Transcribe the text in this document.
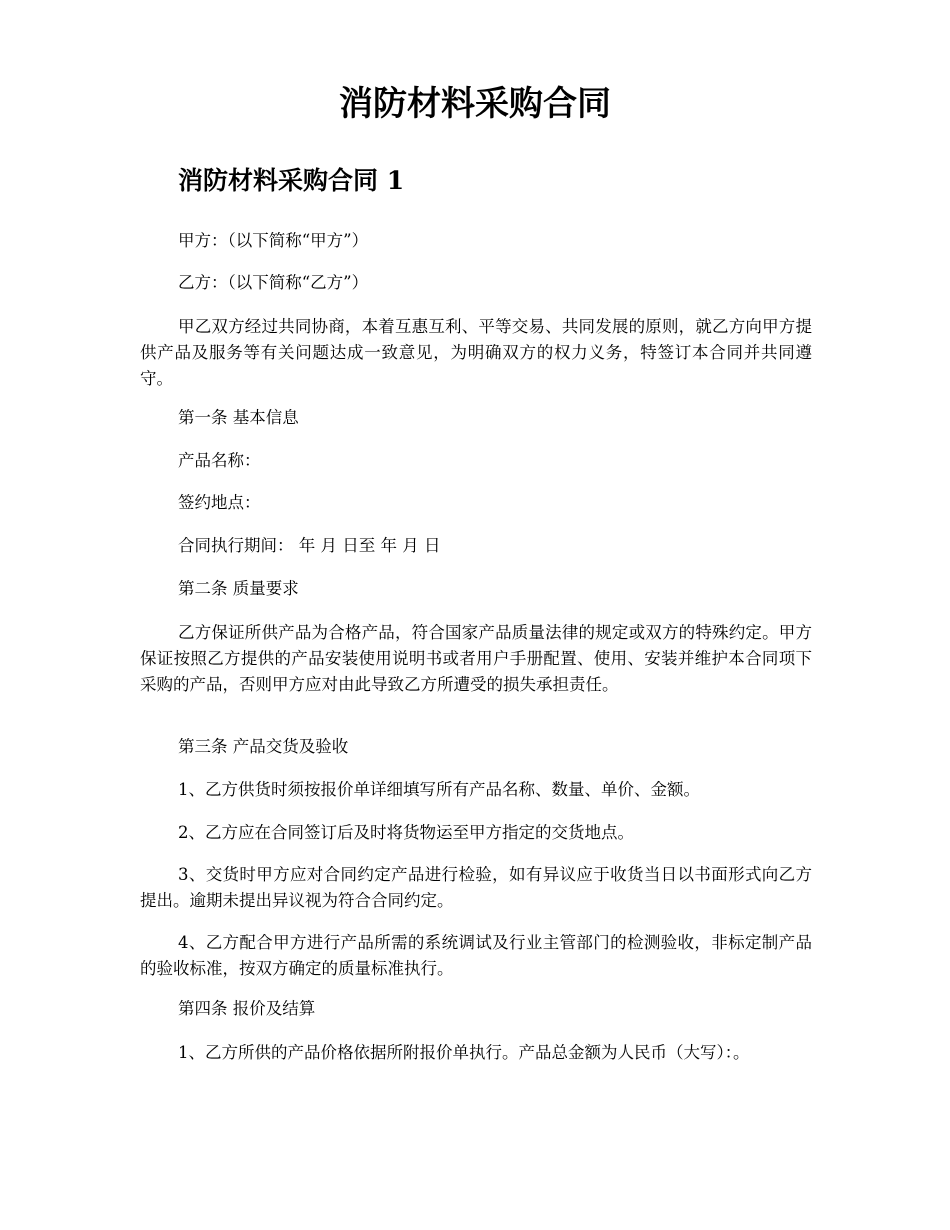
消防材料采购合同
消防材料采购合同 1

甲方：（以下简称“甲方”）

乙方：（以下简称“乙方”）

甲乙双方经过共同协商，本着互惠互利、平等交易、共同发展的原则，就乙方向甲方提供产品及服务等有关问题达成一致意见，为明确双方的权力义务，特签订本合同并共同遵守。

第一条 基本信息

产品名称：

签约地点：

合同执行期间： 年 月 日至 年 月 日

第二条 质量要求

乙方保证所供产品为合格产品，符合国家产品质量法律的规定或双方的特殊约定。甲方保证按照乙方提供的产品安装使用说明书或者用户手册配置、使用、安装并维护本合同项下采购的产品，否则甲方应对由此导致乙方所遭受的损失承担责任。

第三条 产品交货及验收

1、乙方供货时须按报价单详细填写所有产品名称、数量、单价、金额。

2、乙方应在合同签订后及时将货物运至甲方指定的交货地点。

3、交货时甲方应对合同约定产品进行检验，如有异议应于收货当日以书面形式向乙方提出。逾期未提出异议视为符合合同约定。

4、乙方配合甲方进行产品所需的系统调试及行业主管部门的检测验收，非标定制产品的验收标准，按双方确定的质量标准执行。

第四条 报价及结算

1、乙方所供的产品价格依据所附报价单执行。产品总金额为人民币（大写）：。
